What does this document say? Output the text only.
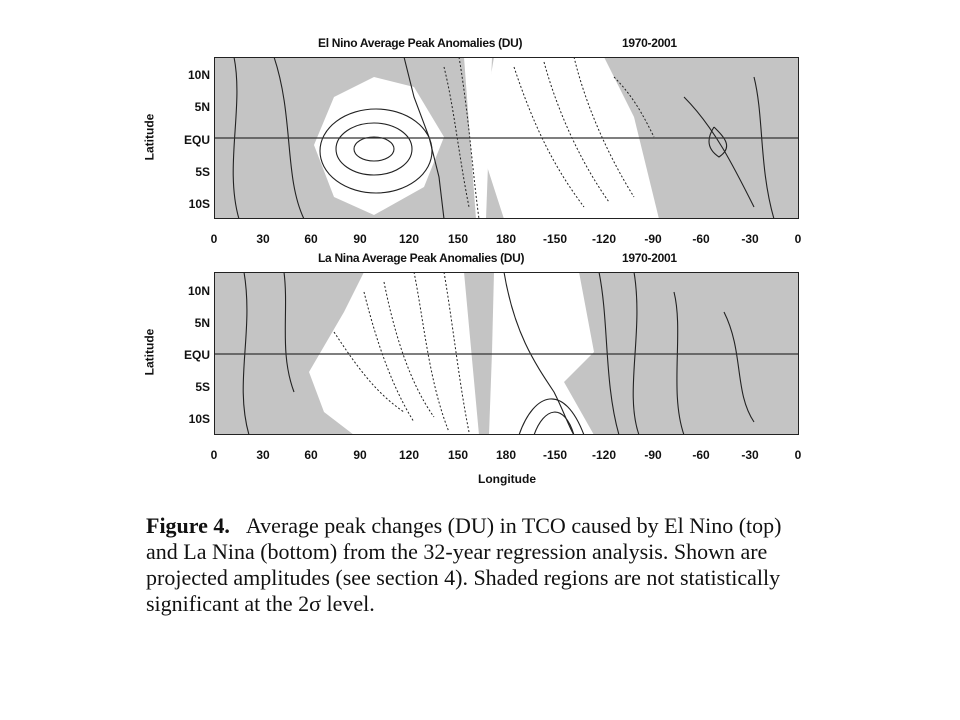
El Nino Average Peak Anomalies (DU)	1970-2001
Latitude
10N
5N
EQU
5S
10S
0	30	60	90	120 150 180 -150 -120 -90	-60	-30	0
La Nina Average Peak Anomalies (DU)	1970-2001
Latitude
10N
5N
EQU
5S
10S
0	30	60	90	120 150 180 -150 -120 -90	-60	-30	0
Longitude
Figure 4. Average peak changes (DU) in TCO caused by El Nino (top) and La Nina (bottom) from the 32-year regression analysis. Shown are projected amplitudes (see section 4). Shaded regions are not statistically significant at the 2σ level.
